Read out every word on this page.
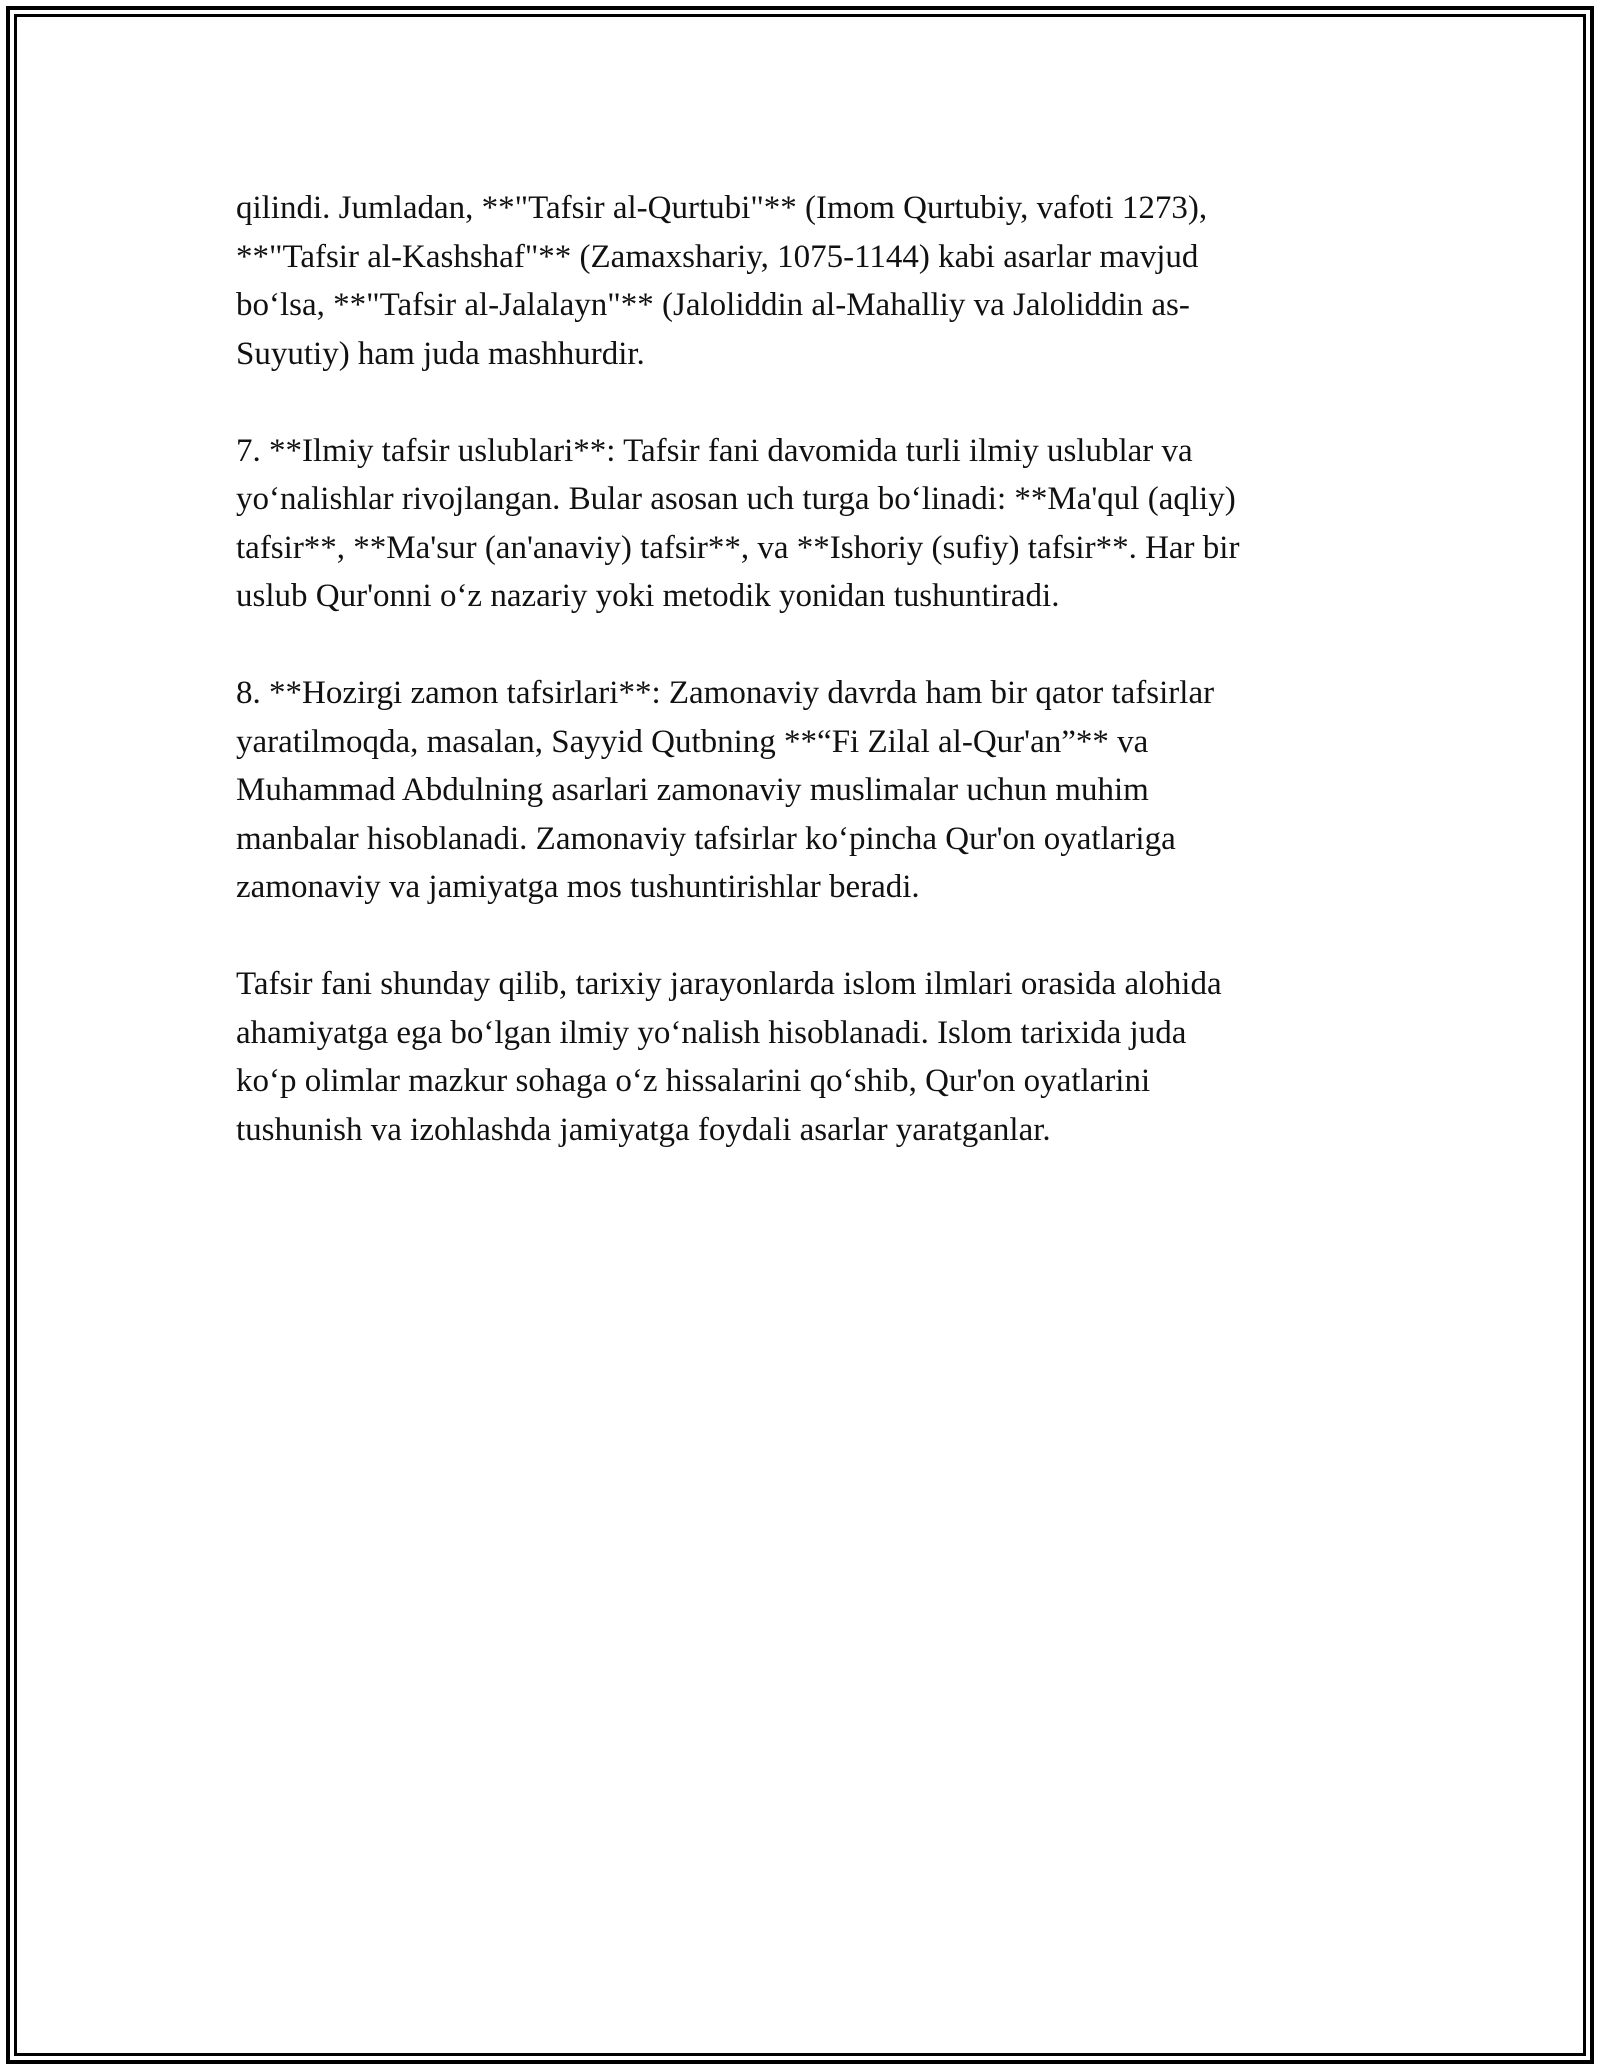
qilindi. Jumladan, **"Tafsir al-Qurtubi"** (Imom Qurtubiy, vafoti 1273),
**"Tafsir al-Kashshaf"** (Zamaxshariy, 1075-1144) kabi asarlar mavjud
bo‘lsa, **"Tafsir al-Jalalayn"** (Jaloliddin al-Mahalliy va Jaloliddin as-
Suyutiy) ham juda mashhurdir.

7. **Ilmiy tafsir uslublari**: Tafsir fani davomida turli ilmiy uslublar va
yo‘nalishlar rivojlangan. Bular asosan uch turga bo‘linadi: **Ma'qul (aqliy)
tafsir**, **Ma'sur (an'anaviy) tafsir**, va **Ishoriy (sufiy) tafsir**. Har bir
uslub Qur'onni o‘z nazariy yoki metodik yonidan tushuntiradi.

8. **Hozirgi zamon tafsirlari**: Zamonaviy davrda ham bir qator tafsirlar
yaratilmoqda, masalan, Sayyid Qutbning **“Fi Zilal al-Qur'an”** va
Muhammad Abdulning asarlari zamonaviy muslimalar uchun muhim
manbalar hisoblanadi. Zamonaviy tafsirlar ko‘pincha Qur'on oyatlariga
zamonaviy va jamiyatga mos tushuntirishlar beradi.

Tafsir fani shunday qilib, tarixiy jarayonlarda islom ilmlari orasida alohida
ahamiyatga ega bo‘lgan ilmiy yo‘nalish hisoblanadi. Islom tarixida juda
ko‘p olimlar mazkur sohaga o‘z hissalarini qo‘shib, Qur'on oyatlarini
tushunish va izohlashda jamiyatga foydali asarlar yaratganlar.
